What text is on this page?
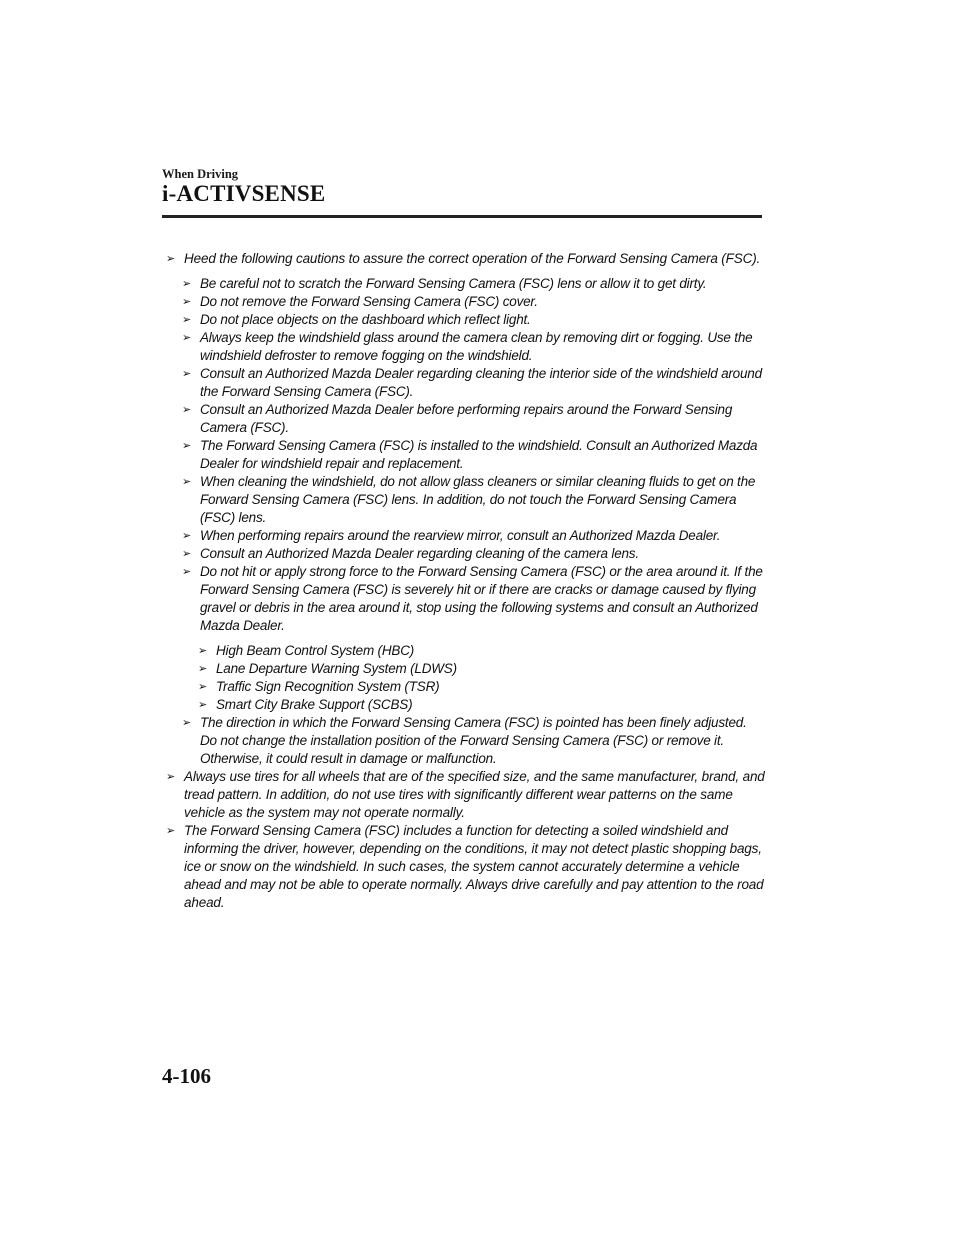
When Driving
i-ACTIVSENSE
➢ Heed the following cautions to assure the correct operation of the Forward Sensing Camera (FSC).
➢ Be careful not to scratch the Forward Sensing Camera (FSC) lens or allow it to get dirty.
➢ Do not remove the Forward Sensing Camera (FSC) cover.
➢ Do not place objects on the dashboard which reflect light.
➢ Always keep the windshield glass around the camera clean by removing dirt or fogging. Use the windshield defroster to remove fogging on the windshield.
➢ Consult an Authorized Mazda Dealer regarding cleaning the interior side of the windshield around the Forward Sensing Camera (FSC).
➢ Consult an Authorized Mazda Dealer before performing repairs around the Forward Sensing Camera (FSC).
➢ The Forward Sensing Camera (FSC) is installed to the windshield. Consult an Authorized Mazda Dealer for windshield repair and replacement.
➢ When cleaning the windshield, do not allow glass cleaners or similar cleaning fluids to get on the Forward Sensing Camera (FSC) lens. In addition, do not touch the Forward Sensing Camera (FSC) lens.
➢ When performing repairs around the rearview mirror, consult an Authorized Mazda Dealer.
➢ Consult an Authorized Mazda Dealer regarding cleaning of the camera lens.
➢ Do not hit or apply strong force to the Forward Sensing Camera (FSC) or the area around it. If the Forward Sensing Camera (FSC) is severely hit or if there are cracks or damage caused by flying gravel or debris in the area around it, stop using the following systems and consult an Authorized Mazda Dealer.
➢ High Beam Control System (HBC)
➢ Lane Departure Warning System (LDWS)
➢ Traffic Sign Recognition System (TSR)
➢ Smart City Brake Support (SCBS)
➢ The direction in which the Forward Sensing Camera (FSC) is pointed has been finely adjusted. Do not change the installation position of the Forward Sensing Camera (FSC) or remove it. Otherwise, it could result in damage or malfunction.
➢ Always use tires for all wheels that are of the specified size, and the same manufacturer, brand, and tread pattern. In addition, do not use tires with significantly different wear patterns on the same vehicle as the system may not operate normally.
➢ The Forward Sensing Camera (FSC) includes a function for detecting a soiled windshield and informing the driver, however, depending on the conditions, it may not detect plastic shopping bags, ice or snow on the windshield. In such cases, the system cannot accurately determine a vehicle ahead and may not be able to operate normally. Always drive carefully and pay attention to the road ahead.
4-106
